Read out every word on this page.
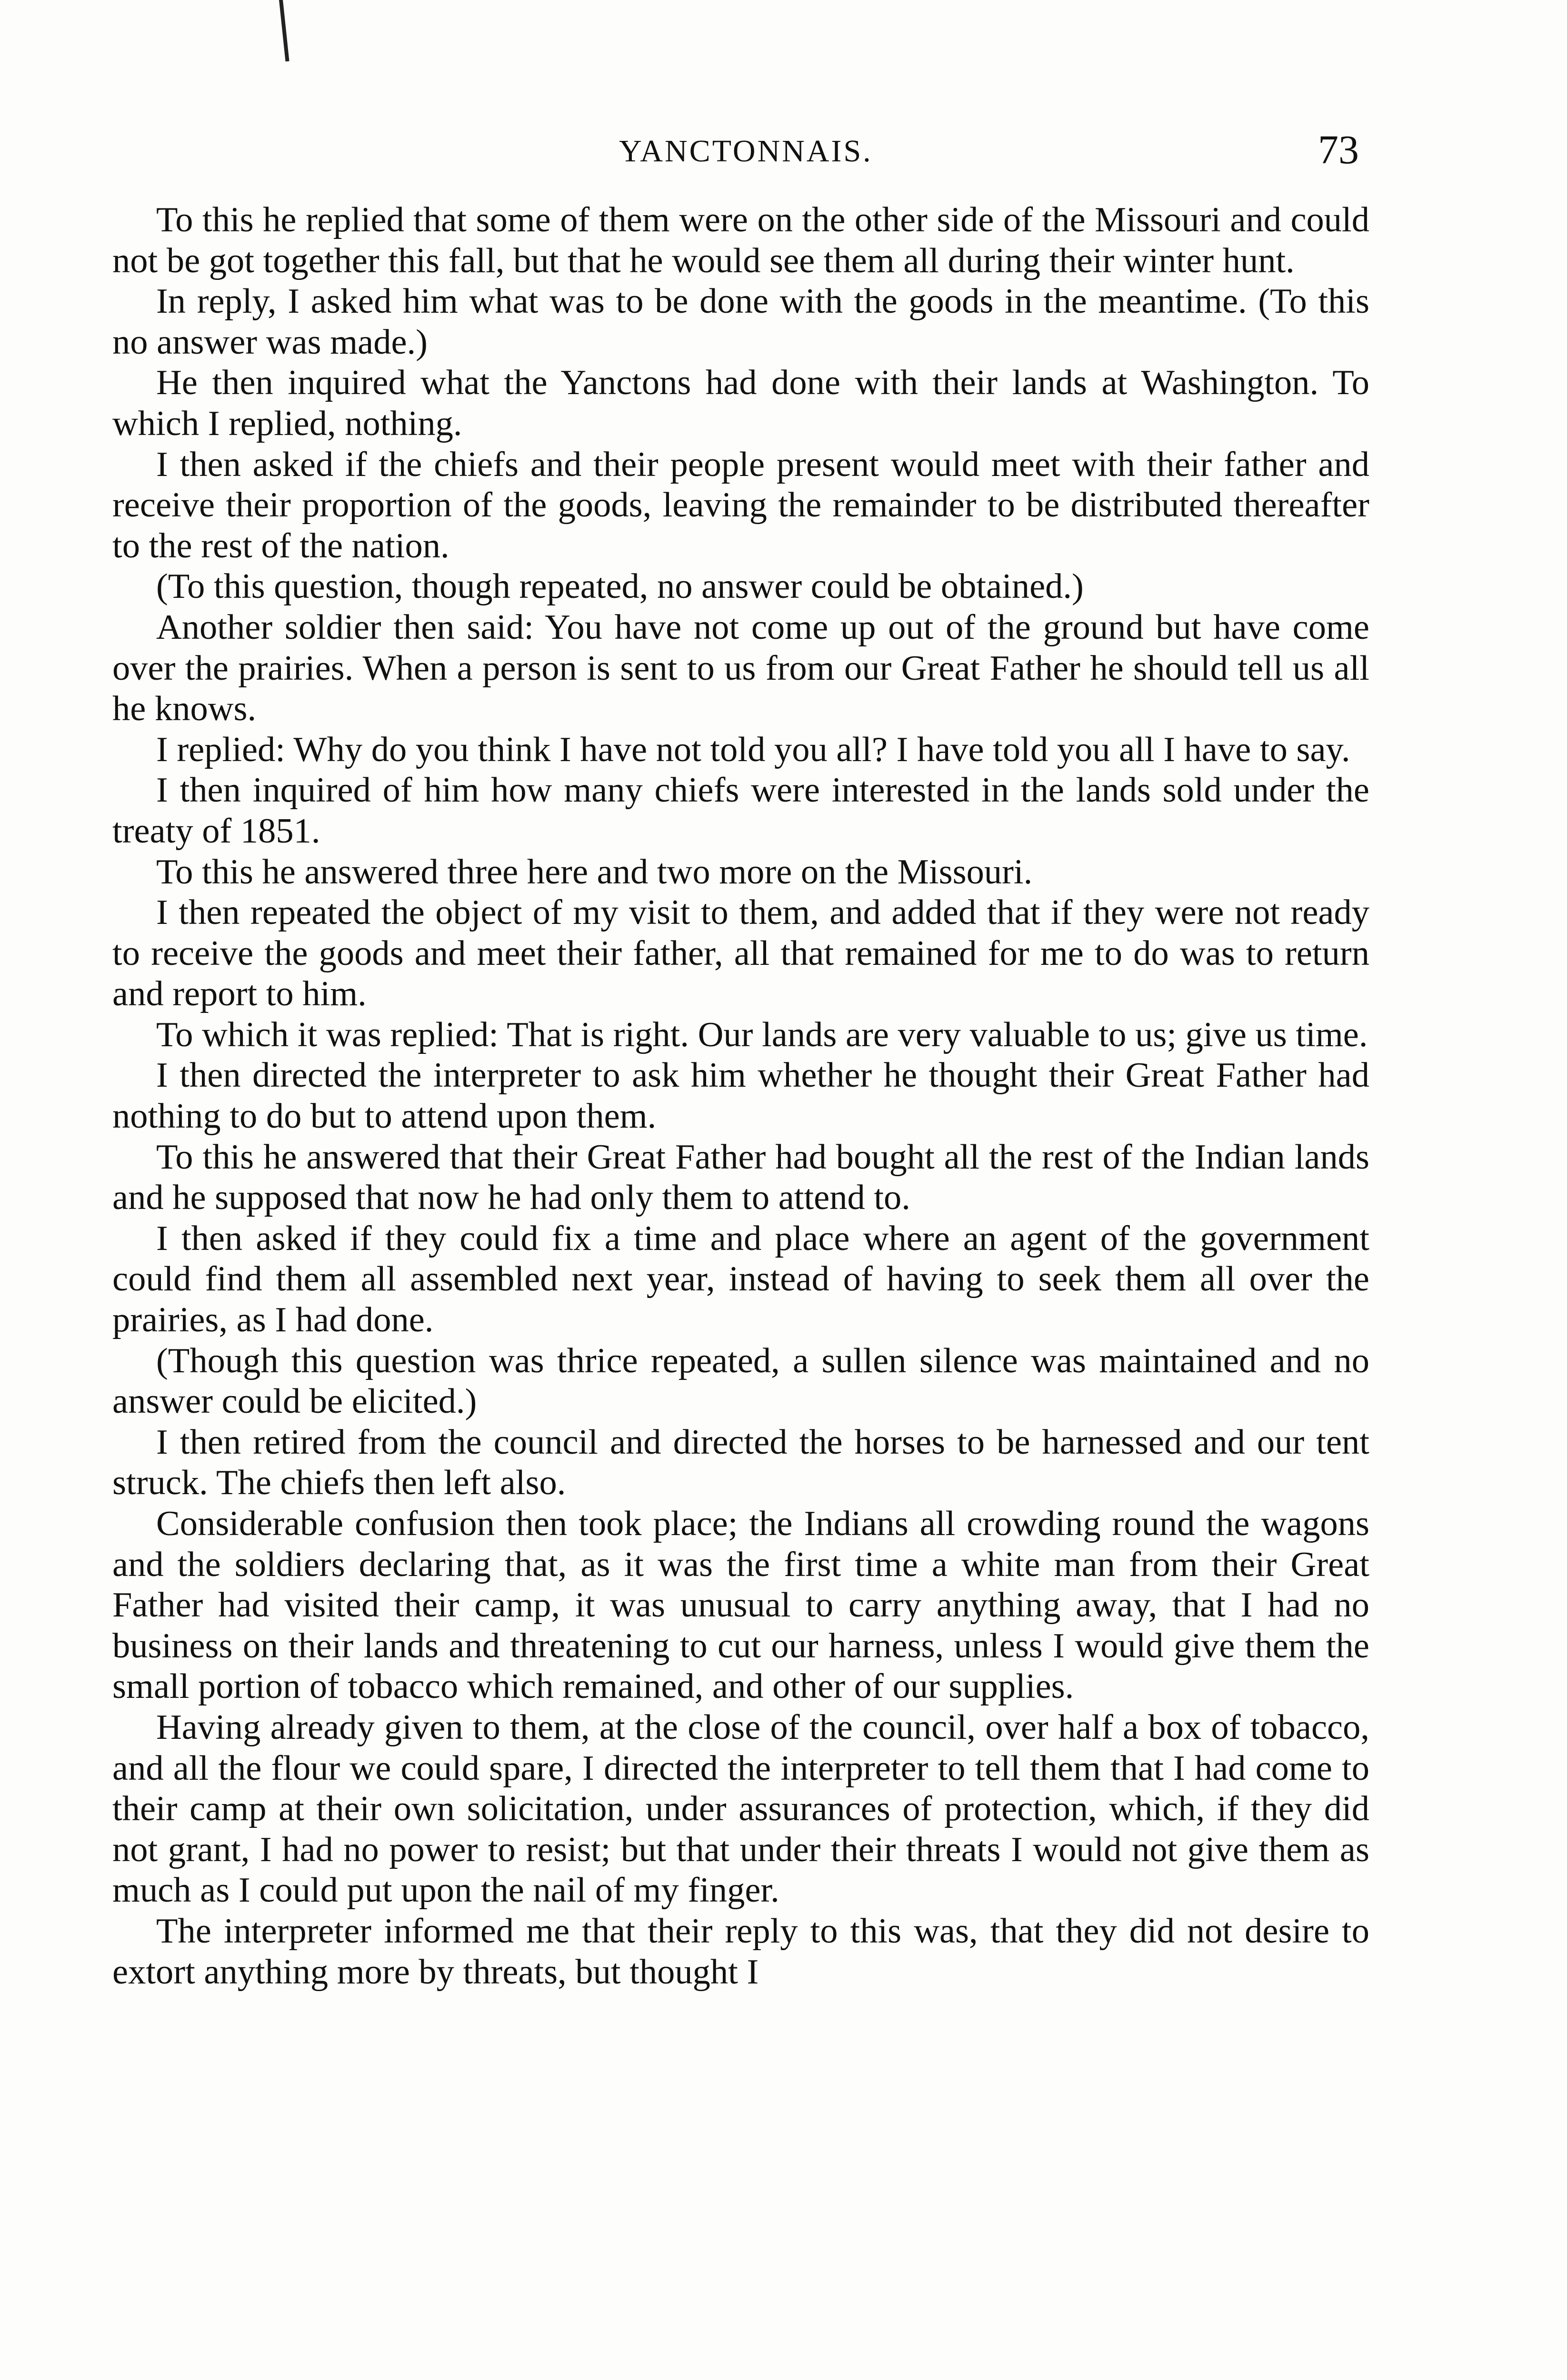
YANCTONNAIS.	73

To this he replied that some of them were on the other side of the Missouri and could not be got together this fall, but that he would see them all during their winter hunt.

In reply, I asked him what was to be done with the goods in the meantime. (To this no answer was made.)

He then inquired what the Yanctons had done with their lands at Washington. To which I replied, nothing.

I then asked if the chiefs and their people present would meet with their father and receive their proportion of the goods, leaving the remainder to be distributed thereafter to the rest of the nation.

(To this question, though repeated, no answer could be obtained.)

Another soldier then said: You have not come up out of the ground but have come over the prairies. When a person is sent to us from our Great Father he should tell us all he knows.

I replied: Why do you think I have not told you all? I have told you all I have to say.

I then inquired of him how many chiefs were interested in the lands sold under the treaty of 1851.

To this he answered three here and two more on the Missouri.

I then repeated the object of my visit to them, and added that if they were not ready to receive the goods and meet their father, all that remained for me to do was to return and report to him.

To which it was replied: That is right. Our lands are very valuable to us; give us time.

I then directed the interpreter to ask him whether he thought their Great Father had nothing to do but to attend upon them.

To this he answered that their Great Father had bought all the rest of the Indian lands and he supposed that now he had only them to attend to.

I then asked if they could fix a time and place where an agent of the government could find them all assembled next year, instead of having to seek them all over the prairies, as I had done.

(Though this question was thrice repeated, a sullen silence was maintained and no answer could be elicited.)

I then retired from the council and directed the horses to be harnessed and our tent struck. The chiefs then left also.

Considerable confusion then took place; the Indians all crowding round the wagons and the soldiers declaring that, as it was the first time a white man from their Great Father had visited their camp, it was unusual to carry anything away, that I had no business on their lands and threatening to cut our harness, unless I would give them the small portion of tobacco which remained, and other of our supplies.

Having already given to them, at the close of the council, over half a box of tobacco, and all the flour we could spare, I directed the interpreter to tell them that I had come to their camp at their own solicitation, under assurances of protection, which, if they did not grant, I had no power to resist; but that under their threats I would not give them as much as I could put upon the nail of my finger.

The interpreter informed me that their reply to this was, that they did not desire to extort anything more by threats, but thought I
